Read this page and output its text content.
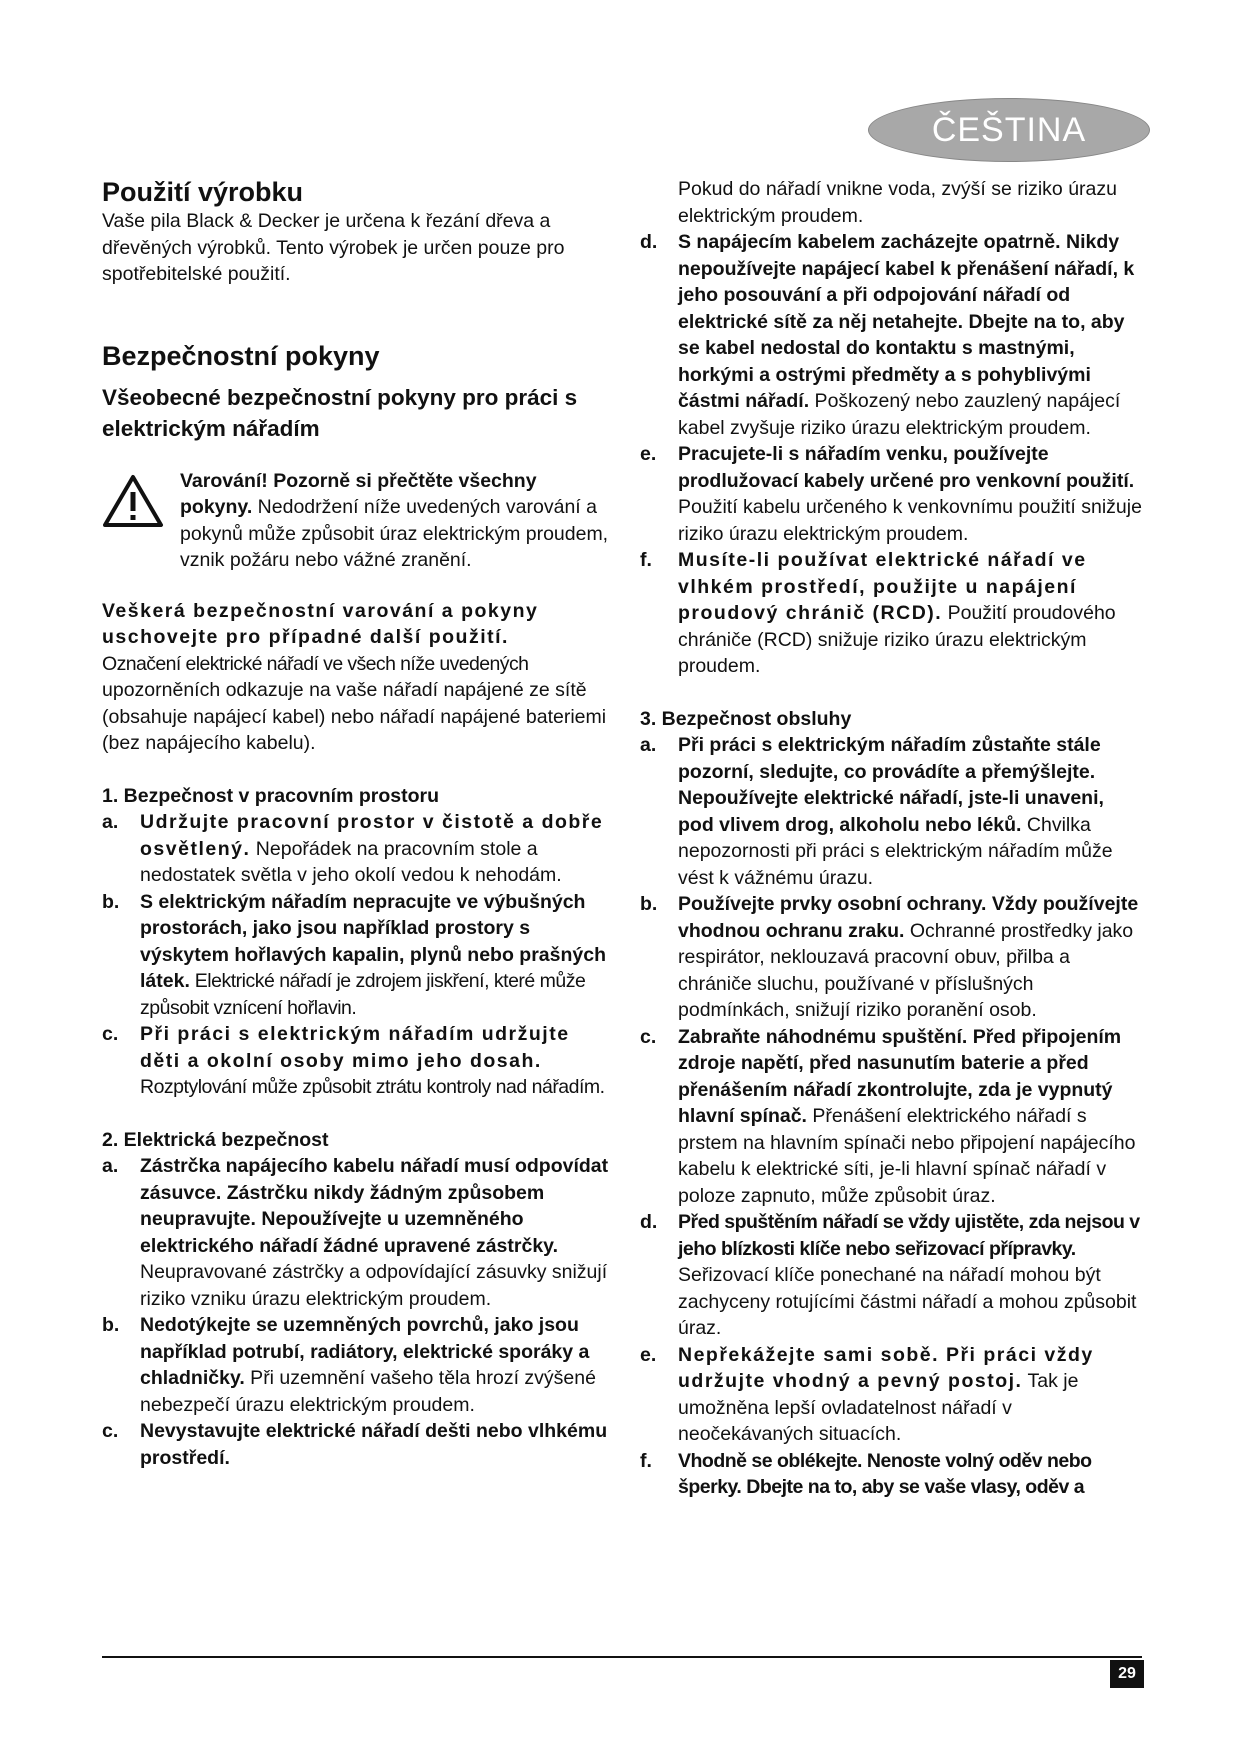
ČEŠTINA
Použití výrobku

Vaše pila Black & Decker je určena k řezání dřeva a dřevěných výrobků. Tento výrobek je určen pouze pro spotřebitelské použití.

Bezpečnostní pokyny
Všeobecné bezpečnostní pokyny pro práci s elektrickým nářadím

Varování! Pozorně si přečtěte všechny pokyny. Nedodržení níže uvedených varování a pokynů může způsobit úraz elektrickým proudem, vznik požáru nebo vážné zranění.

Veškerá bezpečnostní varování a pokyny uschovejte pro případné další použití.

Označení elektrické nářadí ve všech níže uvedených

upozorněních odkazuje na vaše nářadí napájené ze sítě (obsahuje napájecí kabel) nebo nářadí napájené bateriemi (bez napájecího kabelu).

1. Bezpečnost v pracovním prostoru

a. Udržujte pracovní prostor v čistotě a dobře osvětlený. Nepořádek na pracovním stole a nedostatek světla v jeho okolí vedou k nehodám.
b. S elektrickým nářadím nepracujte ve výbušných prostorách, jako jsou například prostory s výskytem hořlavých kapalin, plynů nebo prašných látek. Elektrické nářadí je zdrojem jiskření, které může způsobit vznícení hořlavin.
c. Při práci s elektrickým nářadím udržujte děti a okolní osoby mimo jeho dosah. Rozptylování může způsobit ztrátu kontroly nad nářadím.

2. Elektrická bezpečnost

a. Zástrčka napájecího kabelu nářadí musí odpovídat zásuvce. Zástrčku nikdy žádným způsobem neupravujte. Nepoužívejte u uzemněného elektrického nářadí žádné upravené zástrčky. Neupravované zástrčky a odpovídající zásuvky snižují riziko vzniku úrazu elektrickým proudem.
b. Nedotýkejte se uzemněných povrchů, jako jsou například potrubí, radiátory, elektrické sporáky a chladničky. Při uzemnění vašeho těla hrozí zvýšené nebezpečí úrazu elektrickým proudem.
c. Nevystavujte elektrické nářadí dešti nebo vlhkému prostředí.

Pokud do nářadí vnikne voda, zvýší se riziko úrazu elektrickým proudem.

d. S napájecím kabelem zacházejte opatrně. Nikdy nepoužívejte napájecí kabel k přenášení nářadí, k jeho posouvání a při odpojování nářadí od elektrické sítě za něj netahejte. Dbejte na to, aby se kabel nedostal do kontaktu s mastnými, horkými a ostrými předměty a s pohyblivými částmi nářadí. Poškozený nebo zauzlený napájecí kabel zvyšuje riziko úrazu elektrickým proudem.
e. Pracujete-li s nářadím venku, používejte prodlužovací kabely určené pro venkovní použití. Použití kabelu určeného k venkovnímu použití snižuje riziko úrazu elektrickým proudem.
f. Musíte-li používat elektrické nářadí ve vlhkém prostředí, použijte u napájení proudový chránič (RCD). Použití proudového chrániče (RCD) snižuje riziko úrazu elektrickým proudem.

3. Bezpečnost obsluhy

a. Při práci s elektrickým nářadím zůstaňte stále pozorní, sledujte, co provádíte a přemýšlejte. Nepoužívejte elektrické nářadí, jste-li unaveni, pod vlivem drog, alkoholu nebo léků. Chvilka nepozornosti při práci s elektrickým nářadím může vést k vážnému úrazu.
b. Používejte prvky osobní ochrany. Vždy používejte vhodnou ochranu zraku. Ochranné prostředky jako respirátor, neklouzavá pracovní obuv, přilba a chrániče sluchu, používané v příslušných podmínkách, snižují riziko poranění osob.
c. Zabraňte náhodnému spuštění. Před připojením zdroje napětí, před nasunutím baterie a před přenášením nářadí zkontrolujte, zda je vypnutý hlavní spínač. Přenášení elektrického nářadí s prstem na hlavním spínači nebo připojení napájecího kabelu k elektrické síti, je-li hlavní spínač nářadí v poloze zapnuto, může způsobit úraz.
d. Před spuštěním nářadí se vždy ujistěte, zda nejsou v jeho blízkosti klíče nebo seřizovací přípravky. Seřizovací klíče ponechané na nářadí mohou být zachyceny rotujícími částmi nářadí a mohou způsobit úraz.
e. Nepřekážejte sami sobě. Při práci vždy udržujte vhodný a pevný postoj. Tak je umožněna lepší ovladatelnost nářadí v neočekávaných situacích.
f. Vhodně se oblékejte. Nenoste volný oděv nebo šperky. Dbejte na to, aby se vaše vlasy, oděv a
29
